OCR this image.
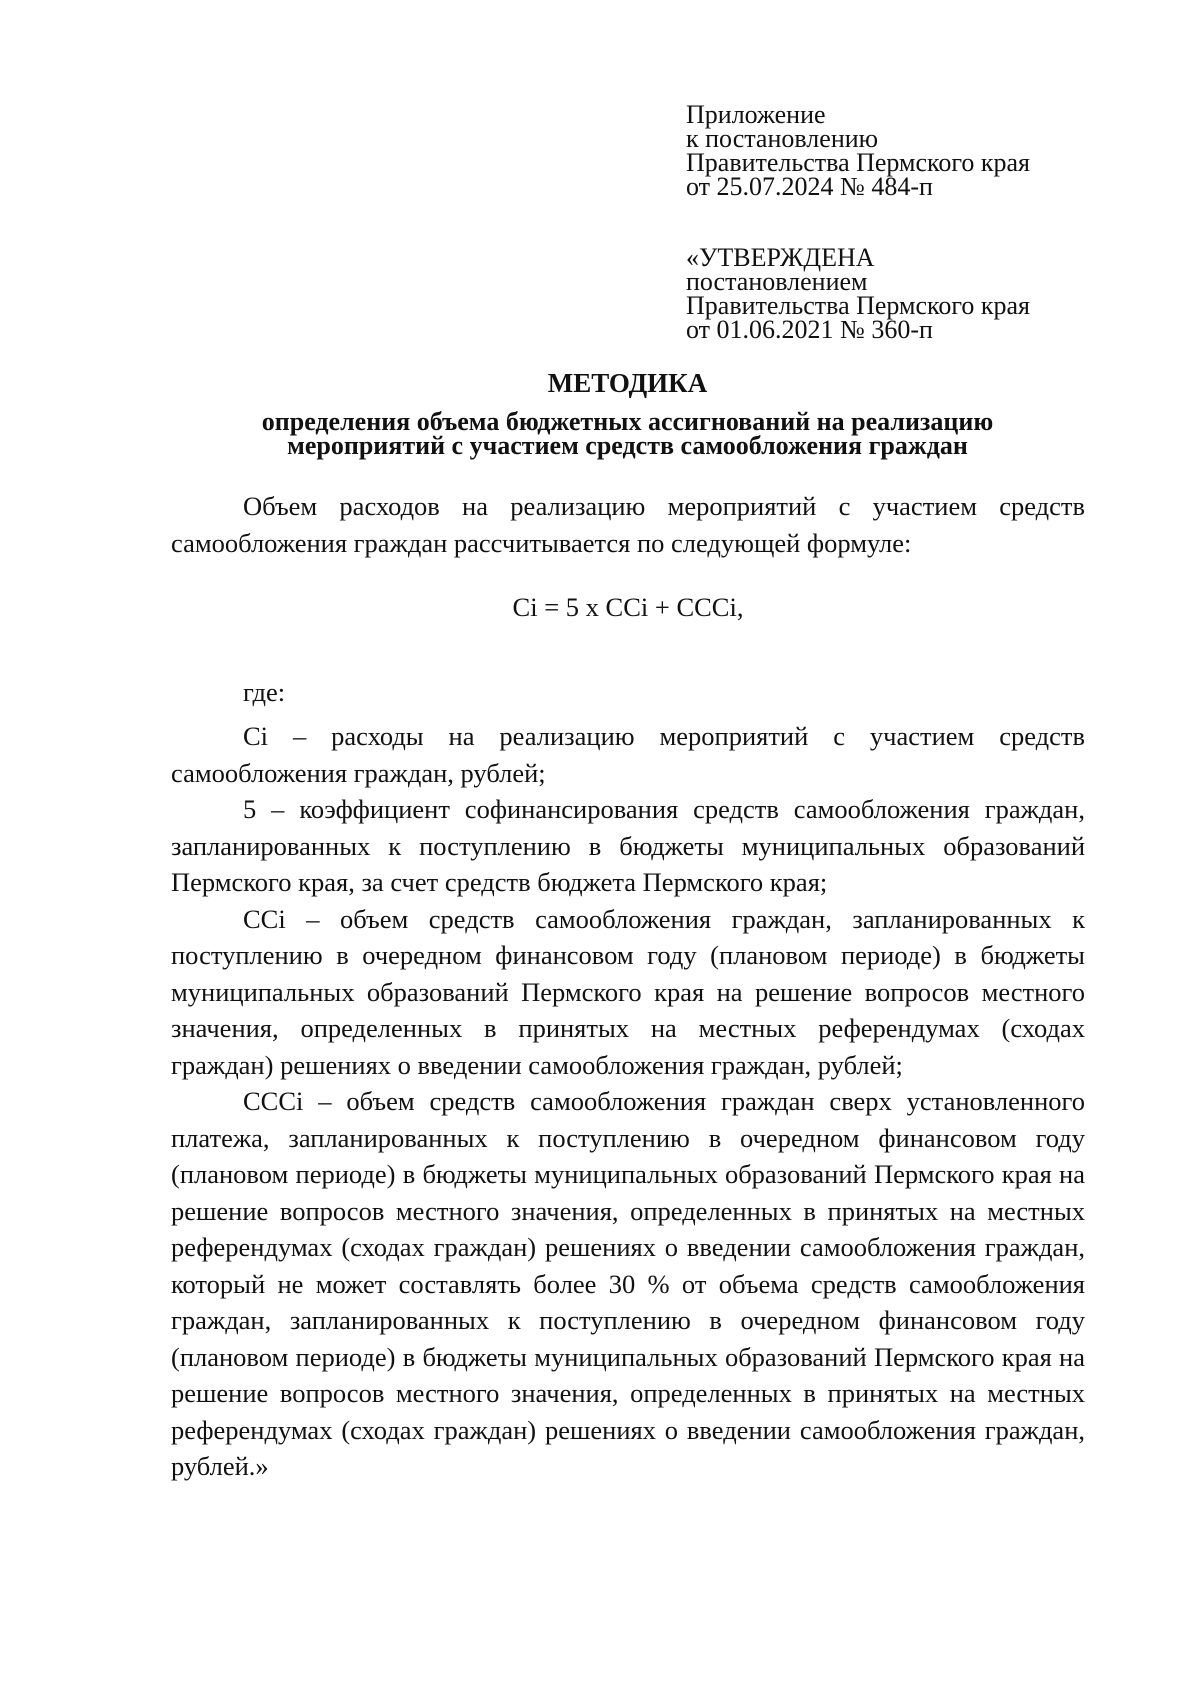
Приложение
к постановлению
Правительства Пермского края
от 25.07.2024 № 484-п
«УТВЕРЖДЕНА
постановлением
Правительства Пермского края
от 01.06.2021 № 360-п
МЕТОДИКА
определения объема бюджетных ассигнований на реализацию
мероприятий с участием средств самообложения граждан

Объем расходов на реализацию мероприятий с участием средств самообложения граждан рассчитывается по следующей формуле:

Ci = 5 x CCi + CCCi,

где:

Ci – расходы на реализацию мероприятий с участием средств самообложения граждан, рублей;

5 – коэффициент софинансирования средств самообложения граждан, запланированных к поступлению в бюджеты муниципальных образований Пермского края, за счет средств бюджета Пермского края;

CCi – объем средств самообложения граждан, запланированных к поступлению в очередном финансовом году (плановом периоде) в бюджеты муниципальных образований Пермского края на решение вопросов местного значения, определенных в принятых на местных референдумах (сходах граждан) решениях о введении самообложения граждан, рублей;

CCCi – объем средств самообложения граждан сверх установленного платежа, запланированных к поступлению в очередном финансовом году (плановом периоде) в бюджеты муниципальных образований Пермского края на решение вопросов местного значения, определенных в принятых на местных референдумах (сходах граждан) решениях о введении самообложения граждан, который не может составлять более 30 % от объема средств самообложения граждан, запланированных к поступлению в очередном финансовом году (плановом периоде) в бюджеты муниципальных образований Пермского края на решение вопросов местного значения, определенных в принятых на местных референдумах (сходах граждан) решениях о введении самообложения граждан, рублей.»
